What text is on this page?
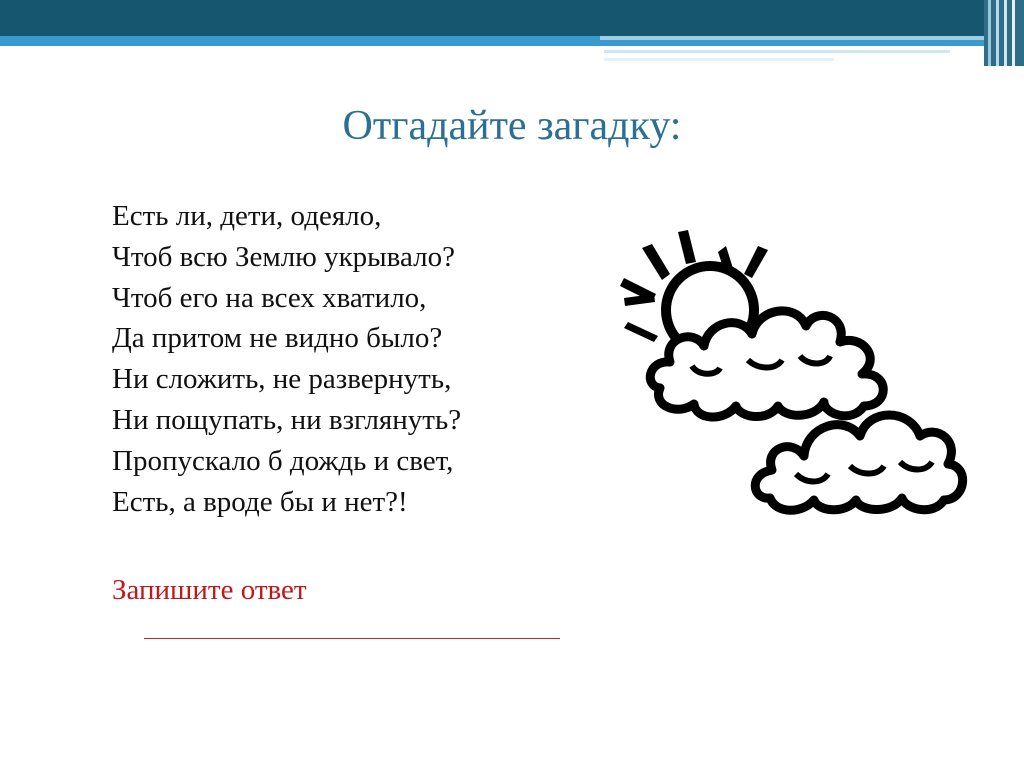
Отгадайте загадку:
Есть ли, дети, одеяло,
Чтоб всю Землю укрывало?
Чтоб его на всех хватило,
Да притом не видно было?
Ни сложить, не развернуть,
Ни пощупать, ни взглянуть?
Пропускало б дождь и свет,
Есть, а вроде бы и нет?!
Запишите ответ
